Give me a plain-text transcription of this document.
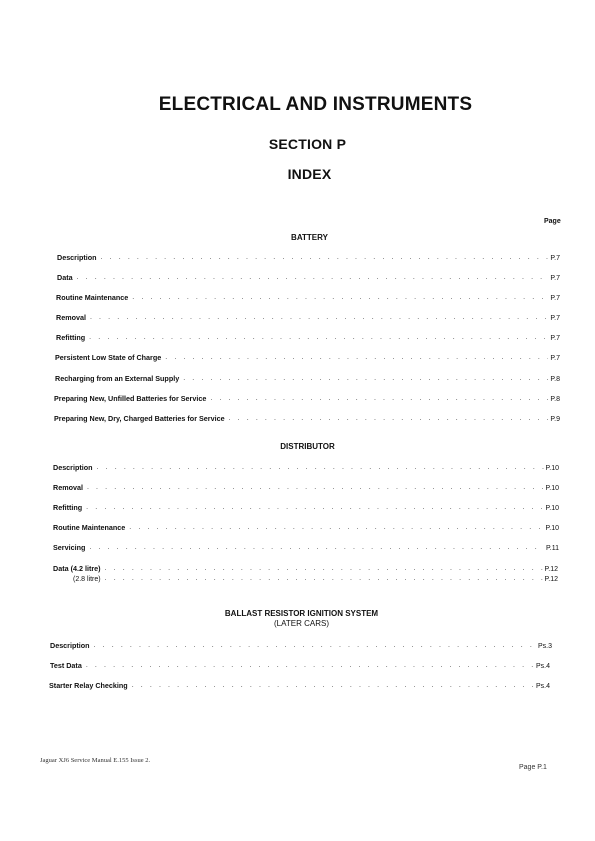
ELECTRICAL AND INSTRUMENTS
SECTION P
INDEX
Page
BATTERY
Description . . .	P.7
Data . . .	P.7
Routine Maintenance . . .	P.7
Removal . . .	P.7
Refitting . . .	P.7
Persistent Low State of Charge . . .	P.7
Recharging from an External Supply . . .	P.8
Preparing New, Unfilled Batteries for Service . . .	P.8
Preparing New, Dry, Charged Batteries for Service . . .	P.9
DISTRIBUTOR
Description . . .	P.10
Removal . . .	P.10
Refitting . . .	P.10
Routine Maintenance . . .	P.10
Servicing . . .	P.11
Data (4.2 litre) . . .	P.12
(2.8 litre) . . .	P.12
BALLAST RESISTOR IGNITION SYSTEM
(LATER CARS)
Description . . .	Ps.3
Test Data . . .	Ps.4
Starter Relay Checking . . .	Ps.4
Jaguar XJ6 Service Manual E.155 Issue 2.
Page P.1
